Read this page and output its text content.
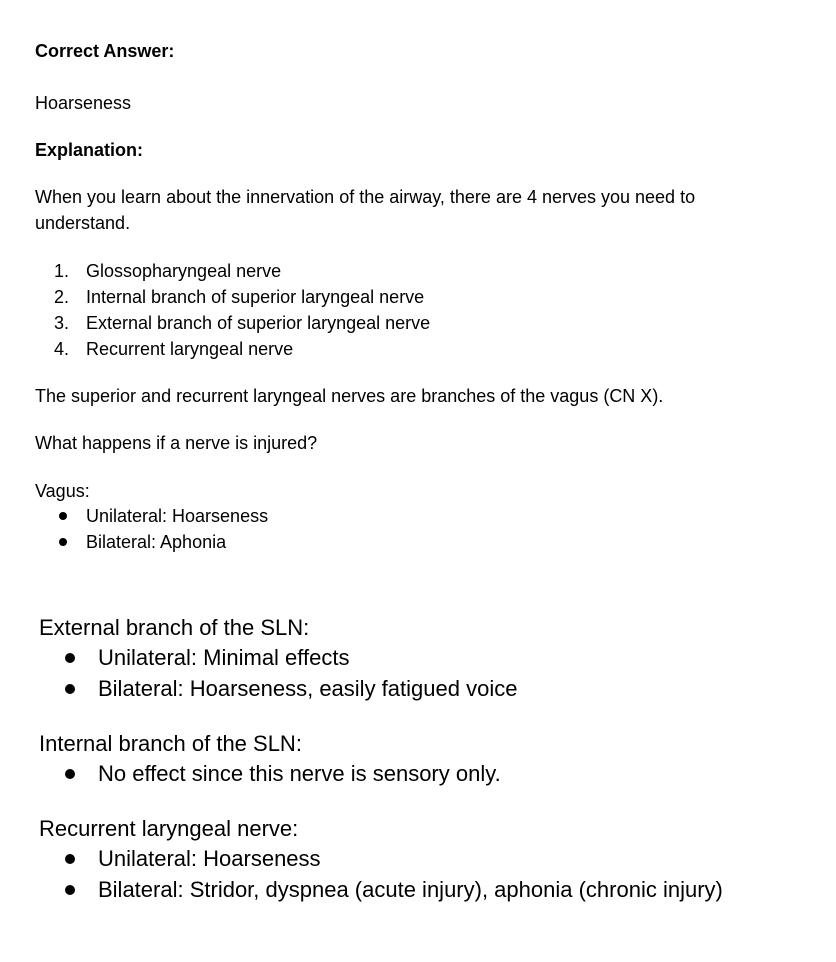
Correct Answer:
Hoarseness
Explanation:
When you learn about the innervation of the airway, there are 4 nerves you need to understand.
1. Glossopharyngeal nerve
2. Internal branch of superior laryngeal nerve
3. External branch of superior laryngeal nerve
4. Recurrent laryngeal nerve
The superior and recurrent laryngeal nerves are branches of the vagus (CN X).
What happens if a nerve is injured?
Vagus:
Unilateral: Hoarseness
Bilateral: Aphonia
External branch of the SLN:
Unilateral: Minimal effects
Bilateral: Hoarseness, easily fatigued voice
Internal branch of the SLN:
No effect since this nerve is sensory only.
Recurrent laryngeal nerve:
Unilateral: Hoarseness
Bilateral: Stridor, dyspnea (acute injury), aphonia (chronic injury)
